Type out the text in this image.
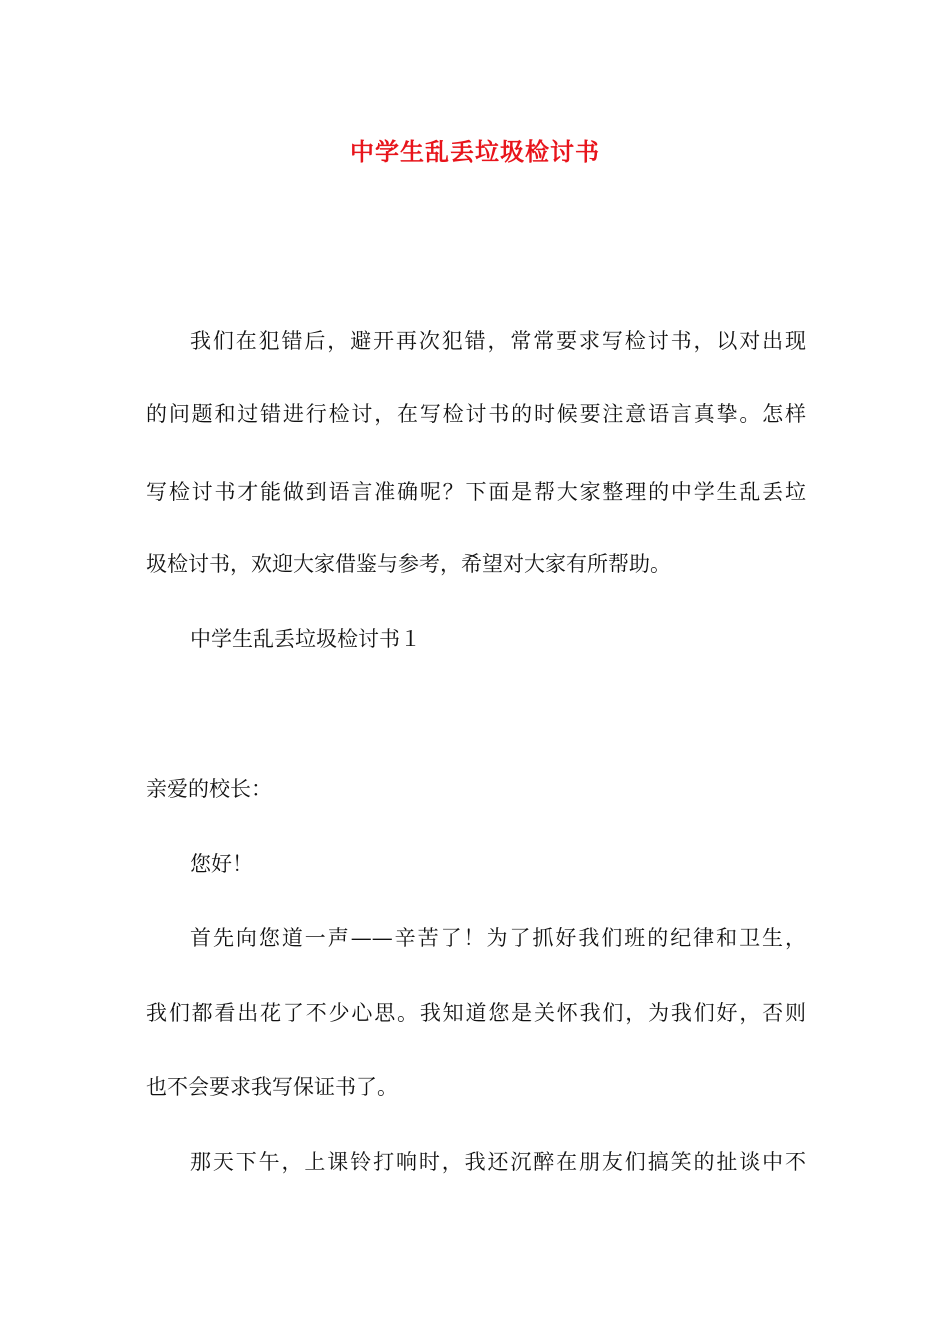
中学生乱丢垃圾检讨书
我们在犯错后，避开再次犯错，常常要求写检讨书，以对出现
的问题和过错进行检讨，在写检讨书的时候要注意语言真挚。怎样
写检讨书才能做到语言准确呢？下面是帮大家整理的中学生乱丢垃
圾检讨书，欢迎大家借鉴与参考，希望对大家有所帮助。
中学生乱丢垃圾检讨书１
亲爱的校长：
您好！
首先向您道一声——辛苦了！为了抓好我们班的纪律和卫生，
我们都看出花了不少心思。我知道您是关怀我们，为我们好，否则
也不会要求我写保证书了。
那天下午，上课铃打响时，我还沉醉在朋友们搞笑的扯谈中不
